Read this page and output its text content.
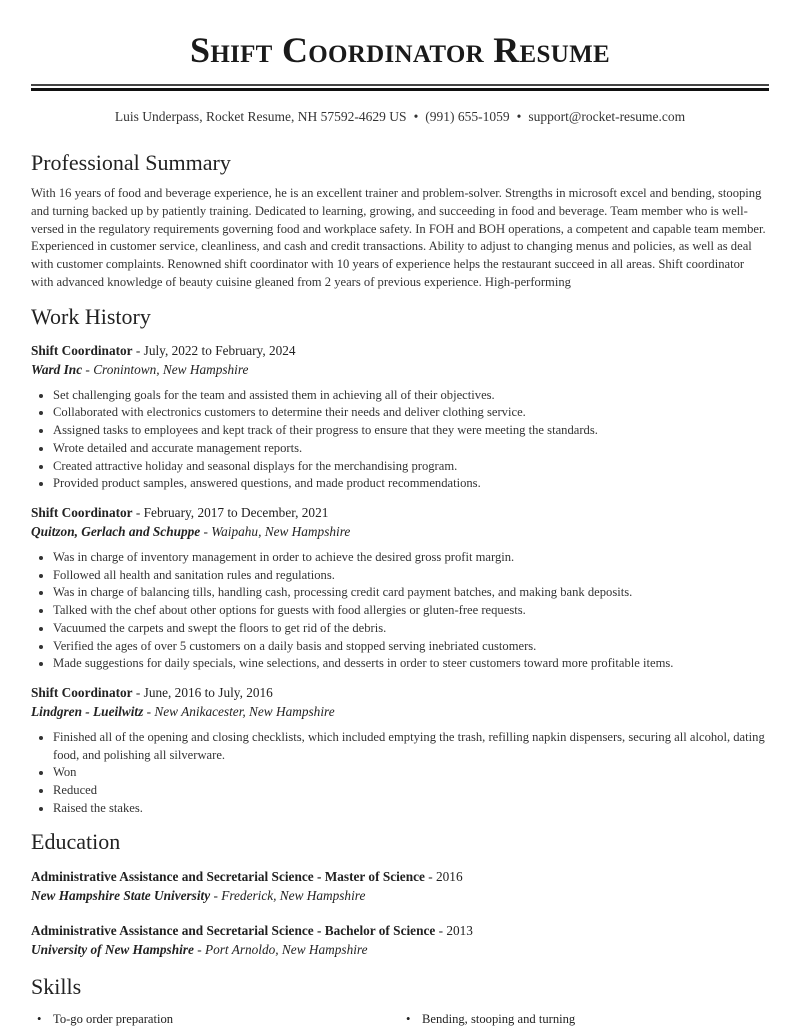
Shift Coordinator Resume
Luis Underpass, Rocket Resume, NH 57592-4629 US • (991) 655-1059 • support@rocket-resume.com
Professional Summary

With 16 years of food and beverage experience, he is an excellent trainer and problem-solver. Strengths in microsoft excel and bending, stooping and turning backed up by patiently training. Dedicated to learning, growing, and succeeding in food and beverage. Team member who is well-versed in the regulatory requirements governing food and workplace safety. In FOH and BOH operations, a competent and capable team member. Experienced in customer service, cleanliness, and cash and credit transactions. Ability to adjust to changing menus and policies, as well as deal with customer complaints. Renowned shift coordinator with 10 years of experience helps the restaurant succeed in all areas. Shift coordinator with advanced knowledge of beauty cuisine gleaned from 2 years of previous experience. High-performing

Work History
Shift Coordinator - July, 2022 to February, 2024
Ward Inc - Cronintown, New Hampshire
• Set challenging goals for the team and assisted them in achieving all of their objectives.
• Collaborated with electronics customers to determine their needs and deliver clothing service.
• Assigned tasks to employees and kept track of their progress to ensure that they were meeting the standards.
• Wrote detailed and accurate management reports.
• Created attractive holiday and seasonal displays for the merchandising program.
• Provided product samples, answered questions, and made product recommendations.
Shift Coordinator - February, 2017 to December, 2021
Quitzon, Gerlach and Schuppe - Waipahu, New Hampshire
• Was in charge of inventory management in order to achieve the desired gross profit margin.
• Followed all health and sanitation rules and regulations.
• Was in charge of balancing tills, handling cash, processing credit card payment batches, and making bank deposits.
• Talked with the chef about other options for guests with food allergies or gluten-free requests.
• Vacuumed the carpets and swept the floors to get rid of the debris.
• Verified the ages of over 5 customers on a daily basis and stopped serving inebriated customers.
• Made suggestions for daily specials, wine selections, and desserts in order to steer customers toward more profitable items.
Shift Coordinator - June, 2016 to July, 2016
Lindgren - Lueilwitz - New Anikacester, New Hampshire
• Finished all of the opening and closing checklists, which included emptying the trash, refilling napkin dispensers, securing all alcohol, dating food, and polishing all silverware.
• Won
• Reduced
• Raised the stakes.
Education
Administrative Assistance and Secretarial Science - Master of Science - 2016
New Hampshire State University - Frederick, New Hampshire
Administrative Assistance and Secretarial Science - Bachelor of Science - 2013
University of New Hampshire - Port Arnoldo, New Hampshire
Skills
• To-go order preparation	• Bending, stooping and turning
